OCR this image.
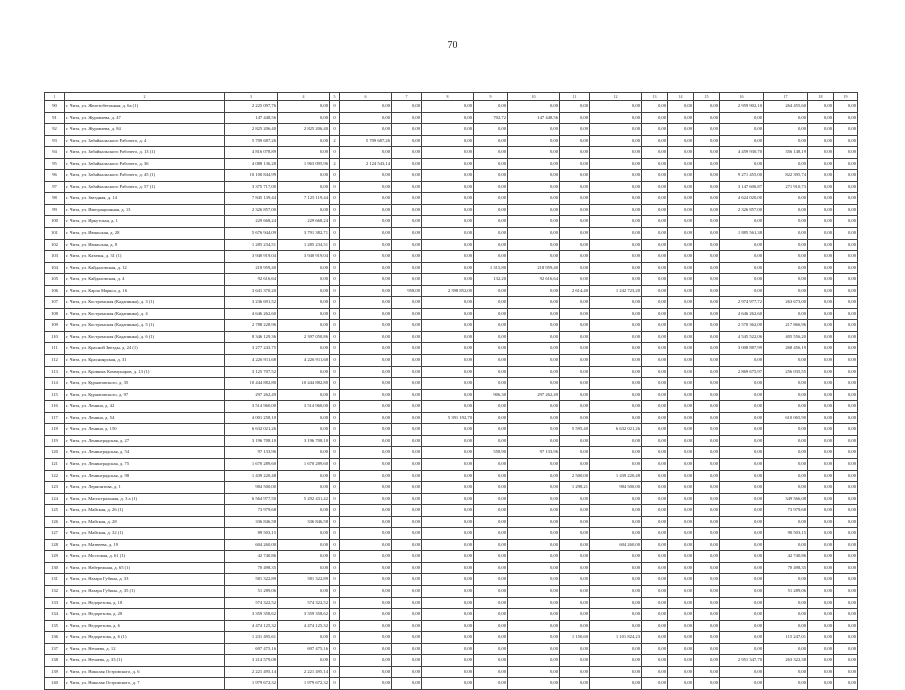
70
1	2	3	4	5	6	7	8	9	10	11	12	13	14	15	16	17	18	19
90	г. Чита, ул. Железобетонная, д. 6а (1)	2 225 097,76	0,00	0	0,00	0,00	0,00	0,00	0,00	0,00	0,00	0,00	0,00	0,00	2 959 902,10	264 455,60	0,00	0,00
91	г. Чита, ул. Журавлева, д. 47	147 448,56	0,00	0	0,00	0,00	0,00	702,72	147 448,56	0,00	0,00	0,00	0,00	0,00	0,00	0,00	0,00	0,00
92	г. Чита, ул. Журавлева, д. 84	2 825 206,40	2 825 206,40	0	0,00	0,00	0,00	0,00	0,00	0,00	0,00	0,00	0,00	0,00	0,00	0,00	0,00	0,00
93	г. Чита, ул. Забайкальского Рабочего, д. 4	5 709 687,26	0,00	2	5 709 687,26	0,00	0,00	0,00	0,00	0,00	0,00	0,00	0,00	0,00	0,00	0,00	0,00	0,00
94	г. Чита, ул. Забайкальского Рабочего, д. 13 (1)	4 816 078,89	0,00	0	0,00	0,00	0,00	0,00	0,00	0,00	0,00	0,00	0,00	0,00	4 459 930,70	356 148,19	0,00	0,00
95	г. Чита, ул. Забайкальского Рабочего, д. 36	4 088 136,28	1 963 095,96	2	2 124 543,14	0,00	0,00	0,00	0,00	0,00	0,00	0,00	0,00	0,00	0,00	0,00	0,00	0,00
96	г. Чита, ул. Забайкальского Рабочего, д. 45 (1)	10 100 844,99	0,00	0	0,00	0,00	0,00	0,00	0,00	0,00	0,00	0,00	0,00	0,00	9 271 455,00	822 395,74	0,00	0,00
97	г. Чита, ул. Забайкальского Рабочего, д. 57 (1)	3 375 717,00	0,00	0	0,00	0,00	0,00	0,00	0,00	0,00	0,00	0,00	0,00	0,00	3 147 606,87	271 910,73	0,00	0,00
98	г. Чита, ул. Звездная, д. 14	7 845 139,44	7 125 119,44	0	0,00	0,00	0,00	0,00	0,00	0,00	0,00	0,00	0,00	0,00	4 624 020,00	0,00	0,00	0,00
99	г. Чита, ул. Имеграционная, д. 13	2 326 857,00	0,00	0	0,00	0,00	0,00	0,00	0,00	0,00	0,00	0,00	0,00	0,00	2 326 857,00	0,00	0,00	0,00
100	г. Чита, ул. Иркутская, д. 1	229 668,24	229 668,24	0	0,00	0,00	0,00	0,00	0,00	0,00	0,00	0,00	0,00	0,00	0,00	0,00	0,00	0,00
101	г. Чита, ул. Июньская, д. 28	5 676 944,09	3 791 382,71	0	0,00	0,00	0,00	0,00	0,00	0,00	0,00	0,00	0,00	0,00	1 885 561,38	0,00	0,00	0,00
102	г. Чита, ул. Июньская, д. 8	1 285 234,51	1 285 234,51	0	0,00	0,00	0,00	0,00	0,00	0,00	0,00	0,00	0,00	0,00	0,00	0,00	0,00	0,00
103	г. Чита, ул. Казачья, д. 31 (1)	3 940 919,04	3 940 919,04	0	0,00	0,00	0,00	0,00	0,00	0,00	0,00	0,00	0,00	0,00	0,00	0,00	0,00	0,00
104	г. Чита, ул. Кайдаловская, д. 12	218 959,40	0,00	0	0,00	0,00	0,00	1 315,80	218 959,40	0,00	0,00	0,00	0,00	0,00	0,00	0,00	0,00	0,00
105	г. Чита, ул. Кайдаловская, д. 4	92 616,64	0,00	0	0,00	0,00	0,00	132,20	92 616,64	0,00	0,00	0,00	0,00	0,00	0,00	0,00	0,00	0,00
106	г. Чита, ул. Карла Маркса, д. 16	3 641 370,20	0,00	0	0,00	958,00	2 398 852,00	0,00	0,00	2 614,40	1 242 723,20	0,00	0,00	0,00	0,00	0,00	0,00	0,00
107	г. Чита, ул. Костромская (Кадапинка), д. 3 (1)	3 236 691,52	0,00	0	0,00	0,00	0,00	0,00	0,00	0,00	0,00	0,00	0,00	0,00	2 974 977,72	263 673,00	0,00	0,00
108	г. Чита, ул. Костромская (Кадапинка), д. 4	4 646 262,60	0,00	0	0,00	0,00	0,00	0,00	0,00	0,00	0,00	0,00	0,00	0,00	4 646 262,60	0,00	0,00	0,00
109	г. Чита, ул. Костромская (Кадапинка), д. 5 (1)	2 788 228,96	0,00	0	0,00	0,00	0,00	0,00	0,00	0,00	0,00	0,00	0,00	0,00	2 570 362,00	217 866,96	0,00	0,00
110	г. Чита, ул. Костромская (Кадапинка), д. 6 (1)	8 346 129,36	2 397 050,86	0	0,00	0,00	0,00	0,00	0,00	0,00	0,00	0,00	0,00	0,00	4 545 522,06	405 556,20	0,00	0,00
111	г. Чита, ул. Красной Звезды, д. 24 (1)	3 277 243,75	0,00	0	0,00	0,00	0,00	0,00	0,00	0,00	0,00	0,00	0,00	0,00	3 008 887,99	268 456,19	0,00	0,00
112	г. Чита, ул. Красноярская, д. 31	4 226 911,68	4 226 911,68	0	0,00	0,00	0,00	0,00	0,00	0,00	0,00	0,00	0,00	0,00	0,00	0,00	0,00	0,00
113	г. Чита, ул. Кровных Коммунаров, д. 13 (1)	3 125 707,52	0,00	0	0,00	0,00	0,00	0,00	0,00	0,00	0,00	0,00	0,00	0,00	2 869 675,97	256 035,55	0,00	0,00
114	г. Чита, ул. Курнатовского, д. 35	10 444 882,80	10 444 882,80	0	0,00	0,00	0,00	0,00	0,00	0,00	0,00	0,00	0,00	0,00	0,00	0,00	0,00	0,00
115	г. Чита, ул. Курнатовского, д. 97	297 262,49	0,00	0	0,00	0,00	0,00	906,30	297 262,49	0,00	0,00	0,00	0,00	0,00	0,00	0,00	0,00	0,00
116	г. Чита, ул. Ленина, д. 42	3 514 960,00	3 514 960,00	0	0,00	0,00	0,00	0,00	0,00	0,00	0,00	0,00	0,00	0,00	0,00	0,00	0,00	0,00
117	г. Чита, ул. Ленина, д. 54	4 001 258,10	0,00	0	0,00	0,00	5 391 192,70	0,00	0,00	0,00	0,00	0,00	0,00	0,00	0,00	610 065,90	0,00	0,00
118	г. Чита, ул. Ленина, д. 150	6 632 021,26	0,00	0	0,00	0,00	0,00	0,00	0,00	5 595,40	6 632 021,26	0,00	0,00	0,00	0,00	0,00	0,00	0,00
119	г. Чита, ул. Ленинградская, д. 27	3 196 708,10	3 196 708,10	0	0,00	0,00	0,00	0,00	0,00	0,00	0,00	0,00	0,00	0,00	0,00	0,00	0,00	0,00
120	г. Чита, ул. Ленинградская, д. 54	97 133,96	0,00	0	0,00	0,00	0,00	558,90	97 133,96	0,00	0,00	0,00	0,00	0,00	0,00	0,00	0,00	0,00
121	г. Чита, ул. Ленинградская, д. 75	1 670 289,60	1 670 289,60	0	0,00	0,00	0,00	0,00	0,00	0,00	0,00	0,00	0,00	0,00	0,00	0,00	0,00	0,00
122	г. Чита, ул. Ленинградская, д. 98	1 439 220,48	0,00	0	0,00	0,00	0,00	0,00	0,00	2 500,00	1 439 220,48	0,00	0,00	0,00	0,00	0,00	0,00	0,00
123	г. Чита, ул. Лермонтова, д. 1	984 500,00	0,00	0	0,00	0,00	0,00	0,00	0,00	1 298,21	984 500,00	0,00	0,00	0,00	0,00	0,00	0,00	0,00
124	г. Чита, ул. Магистральная, д. 3 а (1)	6 564 977,50	5 292 431,42	0	0,00	0,00	0,00	0,00	0,00	0,00	0,00	0,00	0,00	0,00	0,00	349 566,08	0,00	0,00
125	г. Чита, ул. Майская, д. 26 (1)	73 979,68	0,00	0	0,00	0,00	0,00	0,00	0,00	0,00	0,00	0,00	0,00	0,00	0,00	73 979,68	0,00	0,00
126	г. Чита, ул. Майская, д. 28	336 846,58	336 846,58	0	0,00	0,00	0,00	0,00	0,00	0,00	0,00	0,00	0,00	0,00	0,00	0,00	0,00	0,00
127	г. Чита, ул. Майская, д. 32 (1)	89 503,15	0,00	0	0,00	0,00	0,00	0,00	0,00	0,00	0,00	0,00	0,00	0,00	0,00	90 503,15	0,00	0,00
128	г. Чита, ул. Матвеева, д. 19	604 260,00	0,00	0	0,00	0,00	0,00	0,00	0,00	0,00	604 260,00	0,00	0,00	0,00	0,00	0,00	0,00	0,00
129	г. Чита, ул. Мостовая, д. 61 (1)	42 740,86	0,00	0	0,00	0,00	0,00	0,00	0,00	0,00	0,00	0,00	0,00	0,00	0,00	42 740,86	0,00	0,00
130	г. Чита, ул. Набережная, д. 65 (1)	70 498,35	0,00	0	0,00	0,00	0,00	0,00	0,00	0,00	0,00	0,00	0,00	0,00	0,00	70 498,35	0,00	0,00
131	г. Чита, ул. Назара Губина, д. 33	581 322,89	581 322,89	0	0,00	0,00	0,00	0,00	0,00	0,00	0,00	0,00	0,00	0,00	0,00	0,00	0,00	0,00
132	г. Чита, ул. Назара Губина, д. 35 (1)	51 289,06	0,00	0	0,00	0,00	0,00	0,00	0,00	0,00	0,00	0,00	0,00	0,00	0,00	51 289,06	0,00	0,00
133	г. Чита, ул. Недорезова, д. 18	574 322,52	574 322,52	0	0,00	0,00	0,00	0,00	0,00	0,00	0,00	0,00	0,00	0,00	0,00	0,00	0,00	0,00
134	г. Чита, ул. Недорезова, д. 28	3 359 358,62	3 359 358,62	0	0,00	0,00	0,00	0,00	0,00	0,00	0,00	0,00	0,00	0,00	0,00	0,00	0,00	0,00
135	г. Чита, ул. Недорезова, д. 6	4 474 125,32	4 474 125,32	0	0,00	0,00	0,00	0,00	0,00	0,00	0,00	0,00	0,00	0,00	0,00	0,00	0,00	0,00
136	г. Чита, ул. Недорезова, д. 6 (1)	1 231 495,61	0,00	0	0,00	0,00	0,00	0,00	0,00	1 150,60	1 101 824,23	0,00	0,00	0,00	0,00	115 247,01	0,00	0,00
137	г. Чита, ул. Нечаева, д. 12	697 475,16	697 475,16	0	0,00	0,00	0,00	0,00	0,00	0,00	0,00	0,00	0,00	0,00	0,00	0,00	0,00	0,00
138	г. Чита, ул. Нечаева, д. 33 (1)	3 214 579,08	0,00	0	0,00	0,00	0,00	0,00	0,00	0,00	0,00	0,00	0,00	0,00	2 951 347,70	263 322,38	0,00	0,00
139	г. Чита, ул. Николая Островского, д. 6	2 221 495,14	2 221 495,14	0	0,00	0,00	0,00	0,00	0,00	0,00	0,00	0,00	0,00	0,00	0,00	0,00	0,00	0,00
140	г. Чита, ул. Николая Островского, д. 7	1 979 672,32	1 979 672,32	0	0,00	0,00	0,00	0,00	0,00	0,00	0,00	0,00	0,00	0,00	0,00	0,00	0,00	0,00
